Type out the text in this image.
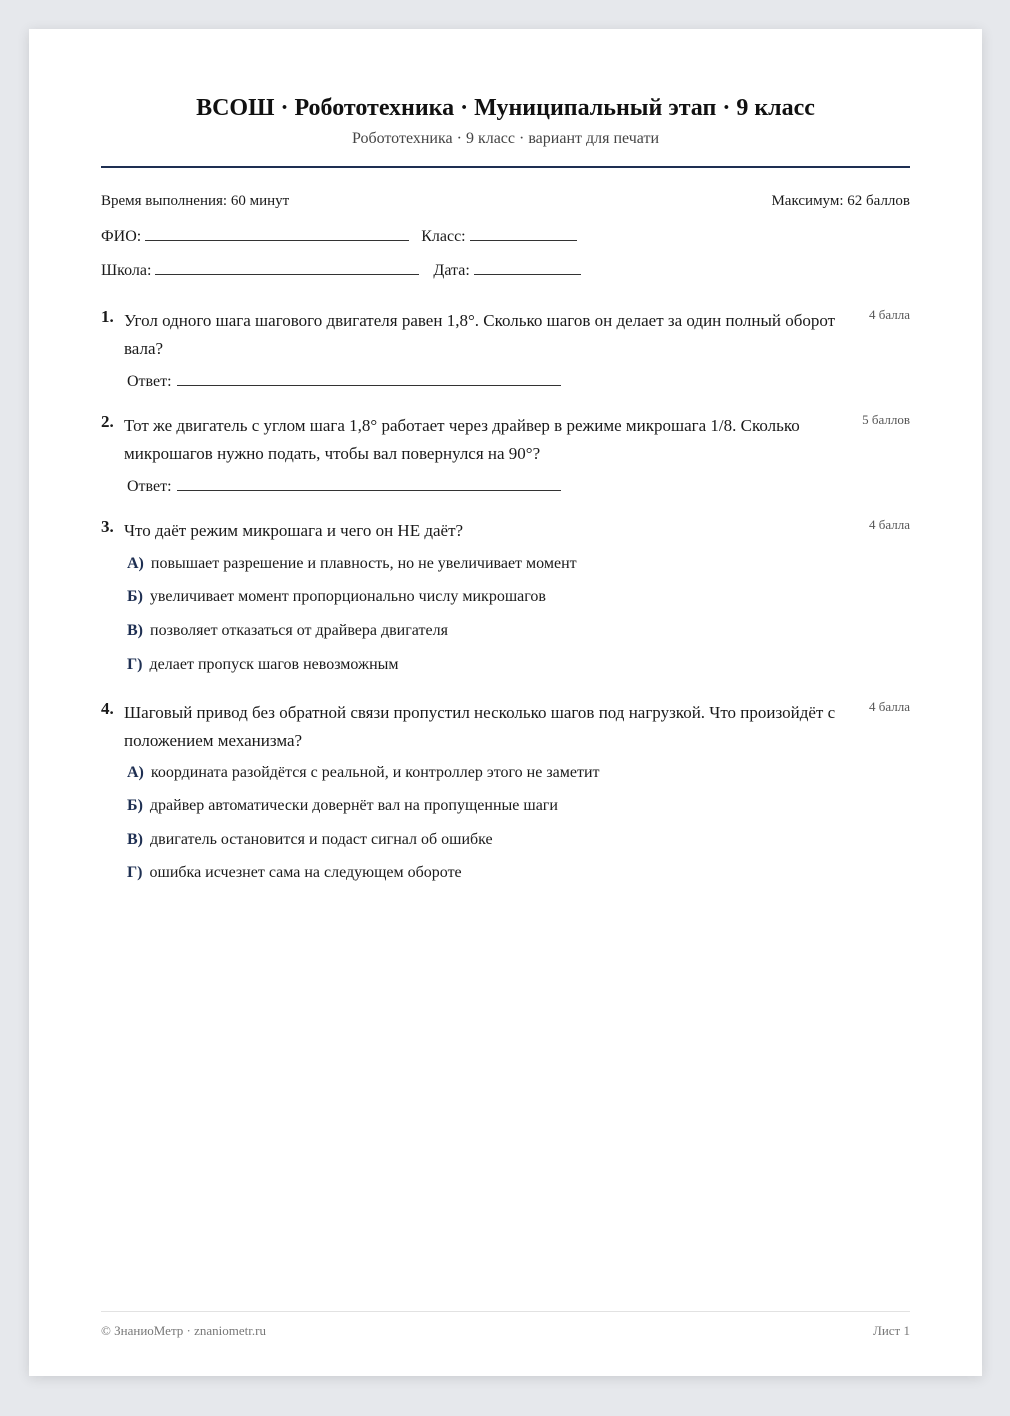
ВСОШ · Робототехника · Муниципальный этап · 9 класс
Робототехника · 9 класс · вариант для печати
Время выполнения: 60 минут	Максимум: 62 баллов
ФИО:	Класс:
Школа:	Дата:
1. Угол одного шага шагового двигателя равен 1,8°. Сколько шагов он делает за один полный оборот вала?
4 балла
Ответ:
2. Тот же двигатель с углом шага 1,8° работает через драйвер в режиме микрошага 1/8. Сколько микрошагов нужно подать, чтобы вал повернулся на 90°?
5 баллов
Ответ:
3. Что даёт режим микрошага и чего он НЕ даёт?	4 балла
А) повышает разрешение и плавность, но не увеличивает момент
Б) увеличивает момент пропорционально числу микрошагов
В) позволяет отказаться от драйвера двигателя
Г) делает пропуск шагов невозможным
4. Шаговый привод без обратной связи пропустил несколько шагов под нагрузкой. Что произойдёт с положением механизма?
4 балла
А) координата разойдётся с реальной, и контроллер этого не заметит
Б) драйвер автоматически довернёт вал на пропущенные шаги
В) двигатель остановится и подаст сигнал об ошибке
Г) ошибка исчезнет сама на следующем обороте
© ЗнаниоМетр · znaniometr.ru	Лист 1
